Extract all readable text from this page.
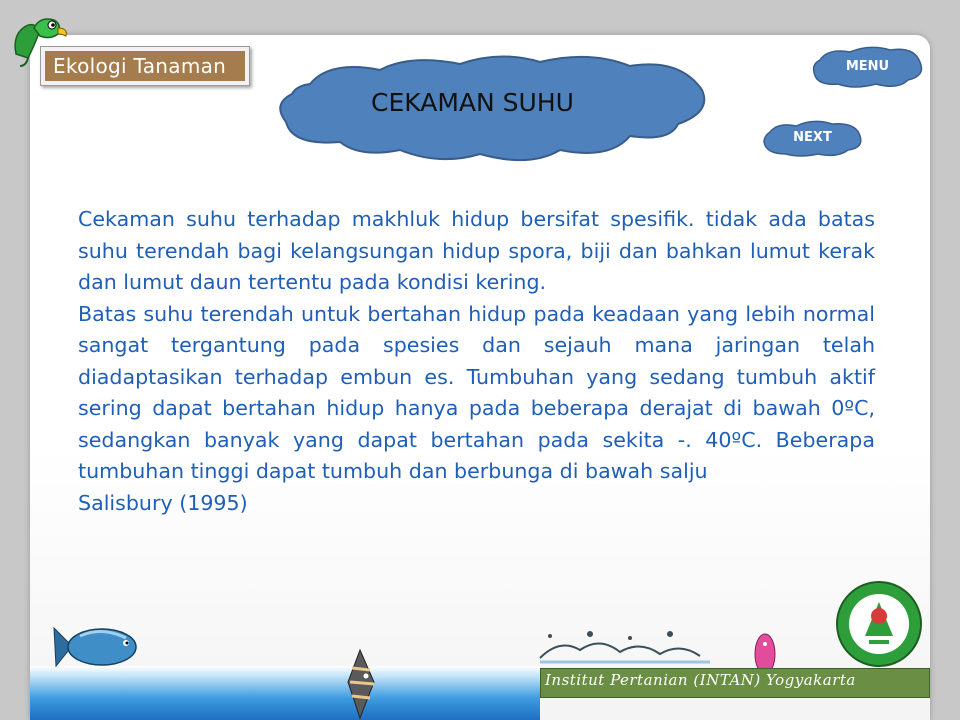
Ekologi Tanaman
CEKAMAN SUHU
MENU
NEXT

Cekaman suhu terhadap makhluk hidup bersifat spesifik. tidak ada batas suhu terendah bagi kelangsungan hidup spora, biji dan bahkan lumut kerak dan lumut daun tertentu pada kondisi kering.

Batas suhu terendah untuk bertahan hidup pada keadaan yang lebih normal sangat tergantung pada spesies dan sejauh mana jaringan telah diadaptasikan terhadap embun es. Tumbuhan yang sedang tumbuh aktif sering dapat bertahan hidup hanya pada beberapa derajat di bawah 0ºC, sedangkan banyak yang dapat bertahan pada sekita -. 40ºC. Beberapa tumbuhan tinggi dapat tumbuh dan berbunga di bawah salju

Salisbury (1995)

Institut Pertanian (INTAN) Yogyakarta
